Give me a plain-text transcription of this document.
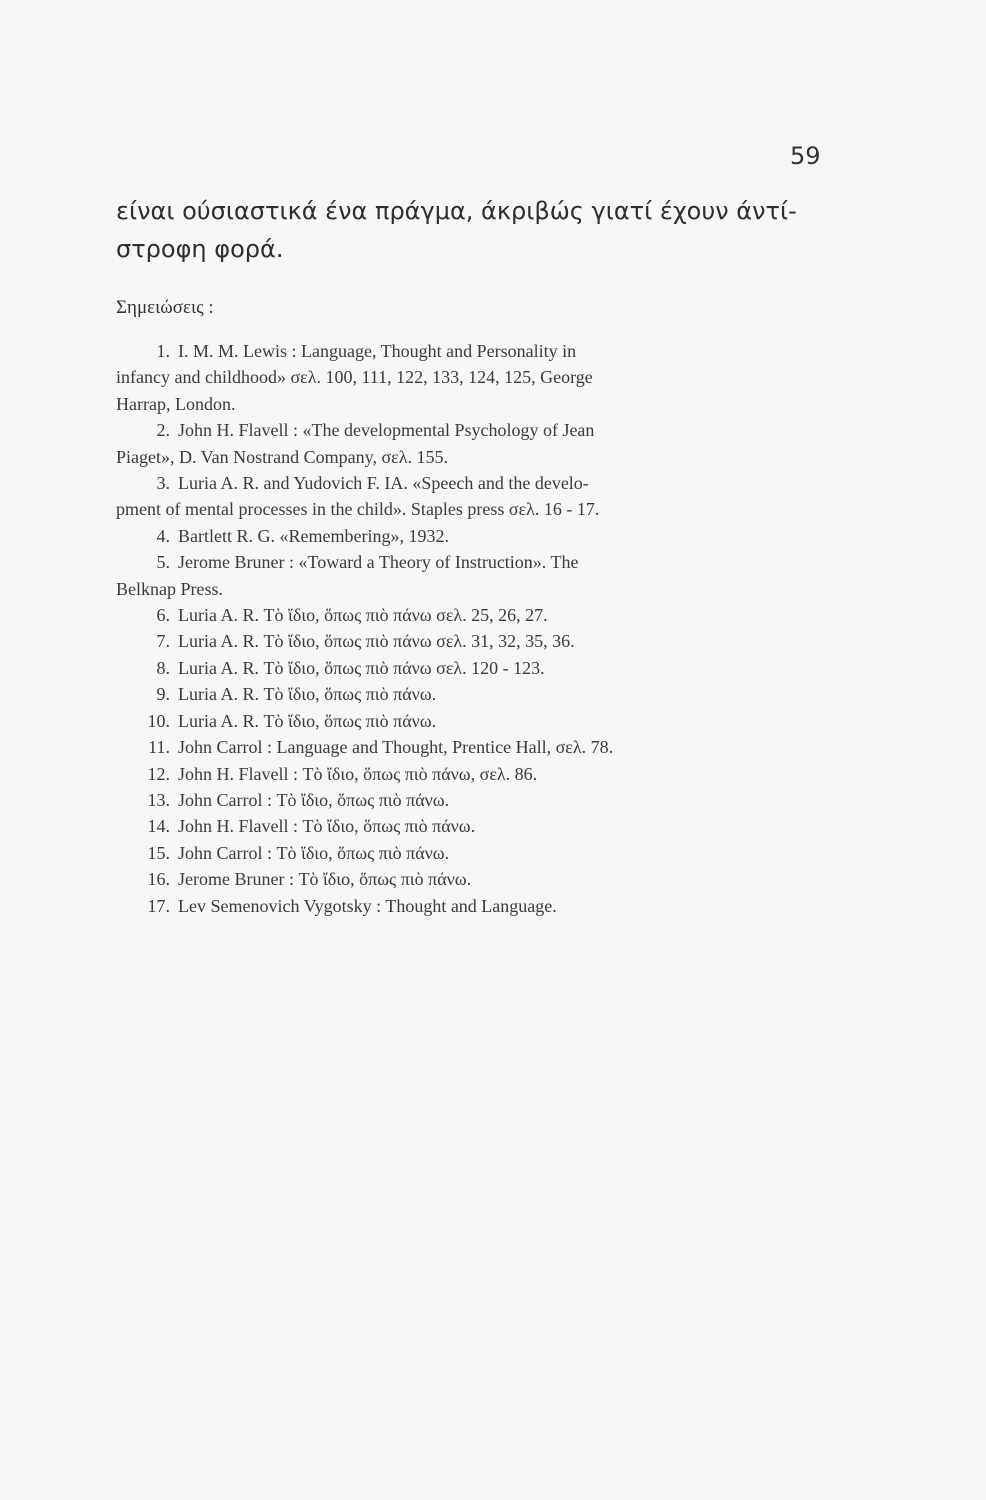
59

είναι ούσιαστικά ένα πράγμα, άκριβώς γιατί έχουν άντί-
στροφη φορά.

Σημειώσεις :
1. I. M. M. Lewis : Language, Thought and Personality in
infancy and childhood» σελ. 100, 111, 122, 133, 124, 125, George
Harrap, London.
2. John H. Flavell : «The developmental Psychology of Jean
Piaget», D. Van Nostrand Company, σελ. 155.
3. Luria A. R. and Yudovich F. IA. «Speech and the develo-
pment of mental processes in the child». Staples press σελ. 16 - 17.
4. Bartlett R. G. «Remembering», 1932.
5. Jerome Bruner : «Toward a Theory of Instruction». The
Belknap Press.
6. Luria A. R. Τὸ ἴδιο, ὅπως πιὸ πάνω σελ. 25, 26, 27.
7. Luria A. R. Τὸ ἴδιο, ὅπως πιὸ πάνω σελ. 31, 32, 35, 36.
8. Luria A. R. Τὸ ἴδιο, ὅπως πιὸ πάνω σελ. 120 - 123.
9. Luria A. R. Τὸ ἴδιο, ὅπως πιὸ πάνω.
10. Luria A. R. Τὸ ἴδιο, ὅπως πιὸ πάνω.
11. John Carrol : Language and Thought, Prentice Hall, σελ. 78.
12. John H. Flavell : Τὸ ἴδιο, ὅπως πιὸ πάνω, σελ. 86.
13. John Carrol : Τὸ ἴδιο, ὅπως πιὸ πάνω.
14. John H. Flavell : Τὸ ἴδιο, ὅπως πιὸ πάνω.
15. John Carrol : Τὸ ἴδιο, ὅπως πιὸ πάνω.
16. Jerome Bruner : Τὸ ἴδιο, ὅπως πιὸ πάνω.
17. Lev Semenovich Vygotsky : Thought and Language.
